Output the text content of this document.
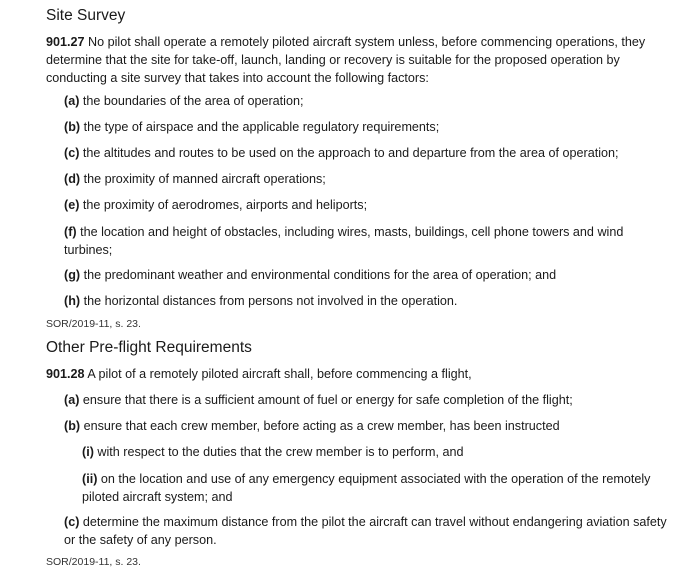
Site Survey
901.27 No pilot shall operate a remotely piloted aircraft system unless, before commencing operations, they determine that the site for take-off, launch, landing or recovery is suitable for the proposed operation by conducting a site survey that takes into account the following factors:
(a) the boundaries of the area of operation;
(b) the type of airspace and the applicable regulatory requirements;
(c) the altitudes and routes to be used on the approach to and departure from the area of operation;
(d) the proximity of manned aircraft operations;
(e) the proximity of aerodromes, airports and heliports;
(f) the location and height of obstacles, including wires, masts, buildings, cell phone towers and wind turbines;
(g) the predominant weather and environmental conditions for the area of operation; and
(h) the horizontal distances from persons not involved in the operation.
SOR/2019-11, s. 23.
Other Pre-flight Requirements
901.28 A pilot of a remotely piloted aircraft shall, before commencing a flight,
(a) ensure that there is a sufficient amount of fuel or energy for safe completion of the flight;
(b) ensure that each crew member, before acting as a crew member, has been instructed
(i) with respect to the duties that the crew member is to perform, and
(ii) on the location and use of any emergency equipment associated with the operation of the remotely piloted aircraft system; and
(c) determine the maximum distance from the pilot the aircraft can travel without endangering aviation safety or the safety of any person.
SOR/2019-11, s. 23.
